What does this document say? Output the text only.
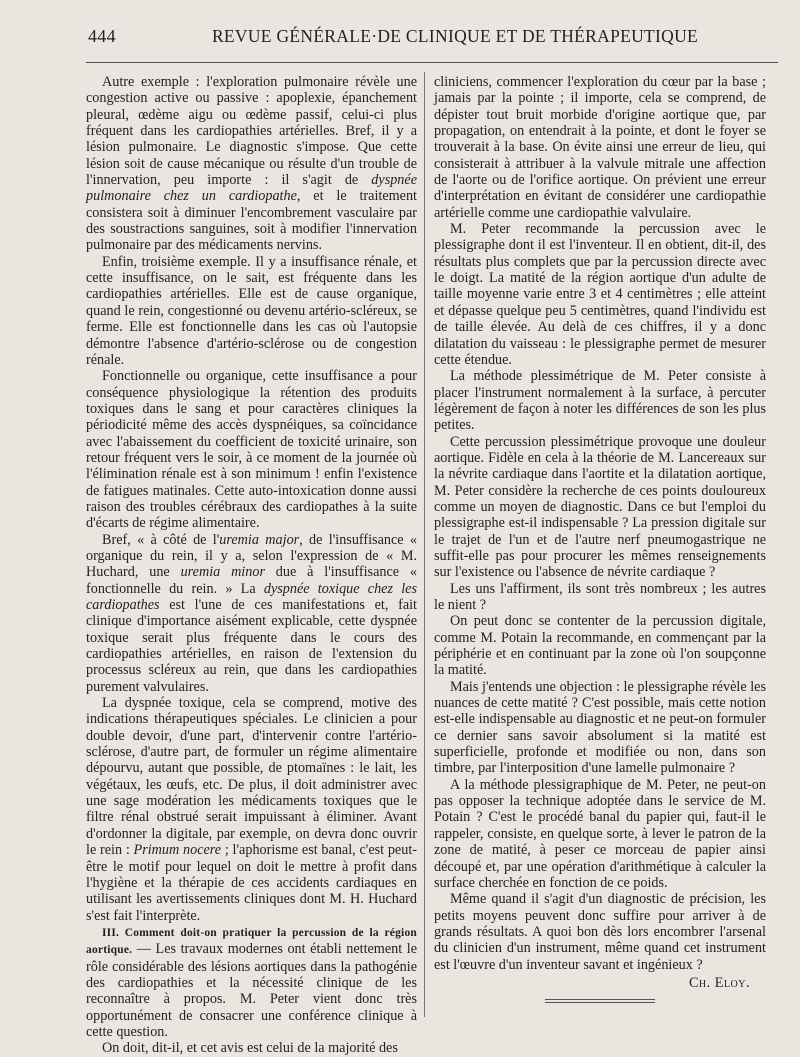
444	REVUE GÉNÉRALE·DE CLINIQUE ET DE THÉRAPEUTIQUE

Autre exemple : l'exploration pulmonaire révèle une congestion active ou passive : apoplexie, épanchement pleural, œdème aigu ou œdème passif, celui-ci plus fréquent dans les cardiopathies artérielles. Bref, il y a lésion pulmonaire. Le diagnostic s'impose. Que cette lésion soit de cause mécanique ou résulte d'un trouble de l'innervation, peu importe : il s'agit de dyspnée pulmonaire chez un cardiopathe, et le traitement consistera soit à diminuer l'encombrement vasculaire par des soustractions sanguines, soit à modifier l'innervation pulmonaire par des médicaments nervins.

Enfin, troisième exemple. Il y a insuffisance rénale, et cette insuffisance, on le sait, est fréquente dans les cardiopathies artérielles. Elle est de cause organique, quand le rein, congestionné ou devenu artério-scléreux, se ferme. Elle est fonctionnelle dans les cas où l'autopsie démontre l'absence d'artério-sclérose ou de congestion rénale.

Fonctionnelle ou organique, cette insuffisance a pour conséquence physiologique la rétention des produits toxiques dans le sang et pour caractères cliniques la périodicité même des accès dyspnéiques, sa coïncidance avec l'abaissement du coefficient de toxicité urinaire, son retour fréquent vers le soir, à ce moment de la journée où l'élimination rénale est à son minimum ! enfin l'existence de fatigues matinales. Cette auto-intoxication donne aussi raison des troubles cérébraux des cardiopathes à la suite d'écarts de régime alimentaire.

Bref, « à côté de l'uremia major, de l'insuffisance « organique du rein, il y a, selon l'expression de « M. Huchard, une uremia minor due à l'insuffisance « fonctionnelle du rein. » La dyspnée toxique chez les cardiopathes est l'une de ces manifestations et, fait clinique d'importance aisément explicable, cette dyspnée toxique serait plus fréquente dans le cours des cardiopathies artérielles, en raison de l'extension du processus scléreux au rein, que dans les cardiopathies purement valvulaires.

La dyspnée toxique, cela se comprend, motive des indications thérapeutiques spéciales. Le clinicien a pour double devoir, d'une part, d'intervenir contre l'artério-sclérose, d'autre part, de formuler un régime alimentaire dépourvu, autant que possible, de ptomaïnes : le lait, les végétaux, les œufs, etc. De plus, il doit administrer avec une sage modération les médicaments toxiques que le filtre rénal obstrué serait impuissant à éliminer. Avant d'ordonner la digitale, par exemple, on devra donc ouvrir le rein : Primum nocere ; l'aphorisme est banal, c'est peut-être le motif pour lequel on doit le mettre à profit dans l'hygiène et la thérapie de ces accidents cardiaques en utilisant les avertissements cliniques dont M. H. Huchard s'est fait l'interprète.

III. Comment doit-on pratiquer la percussion de la région aortique. — Les travaux modernes ont établi nettement le rôle considérable des lésions aortiques dans la pathogénie des cardiopathies et la nécessité clinique de les reconnaître à propos. M. Peter vient donc très opportunément de consacrer une conférence clinique à cette question.

On doit, dit-il, et cet avis est celui de la majorité des

cliniciens, commencer l'exploration du cœur par la base ; jamais par la pointe ; il importe, cela se comprend, de dépister tout bruit morbide d'origine aortique que, par propagation, on entendrait à la pointe, et dont le foyer se trouverait à la base. On évite ainsi une erreur de lieu, qui consisterait à attribuer à la valvule mitrale une affection de l'aorte ou de l'orifice aortique. On prévient une erreur d'interprétation en évitant de considérer une cardiopathie artérielle comme une cardiopathie valvulaire.

M. Peter recommande la percussion avec le plessigraphe dont il est l'inventeur. Il en obtient, dit-il, des résultats plus complets que par la percussion directe avec le doigt. La matité de la région aortique d'un adulte de taille moyenne varie entre 3 et 4 centimètres ; elle atteint et dépasse quelque peu 5 centimètres, quand l'individu est de taille élevée. Au delà de ces chiffres, il y a donc dilatation du vaisseau : le plessigraphe permet de mesurer cette étendue.

La méthode plessimétrique de M. Peter consiste à placer l'instrument normalement à la surface, à percuter légèrement de façon à noter les différences de son les plus petites.

Cette percussion plessimétrique provoque une douleur aortique. Fidèle en cela à la théorie de M. Lancereaux sur la névrite cardiaque dans l'aortite et la dilatation aortique, M. Peter considère la recherche de ces points douloureux comme un moyen de diagnostic. Dans ce but l'emploi du plessigraphe est-il indispensable ? La pression digitale sur le trajet de l'un et de l'autre nerf pneumogastrique ne suffit-elle pas pour procurer les mêmes renseignements sur l'existence ou l'absence de névrite cardiaque ?

Les uns l'affirment, ils sont très nombreux ; les autres le nient ?

On peut donc se contenter de la percussion digitale, comme M. Potain la recommande, en commençant par la périphérie et en continuant par la zone où l'on soupçonne la matité.

Mais j'entends une objection : le plessigraphe révèle les nuances de cette matité ? C'est possible, mais cette notion est-elle indispensable au diagnostic et ne peut-on formuler ce dernier sans savoir absolument si la matité est superficielle, profonde et modifiée ou non, dans son timbre, par l'interposition d'une lamelle pulmonaire ?

A la méthode plessigraphique de M. Peter, ne peut-on pas opposer la technique adoptée dans le service de M. Potain ? C'est le procédé banal du papier qui, faut-il le rappeler, consiste, en quelque sorte, à lever le patron de la zone de matité, à peser ce morceau de papier ainsi découpé et, par une opération d'arithmétique à calculer la surface cherchée en fonction de ce poids.

Même quand il s'agit d'un diagnostic de précision, les petits moyens peuvent donc suffire pour arriver à de grands résultats. A quoi bon dès lors encombrer l'arsenal du clinicien d'un instrument, même quand cet instrument est l'œuvre d'un inventeur savant et ingénieux ?

Ch. Eloy.
